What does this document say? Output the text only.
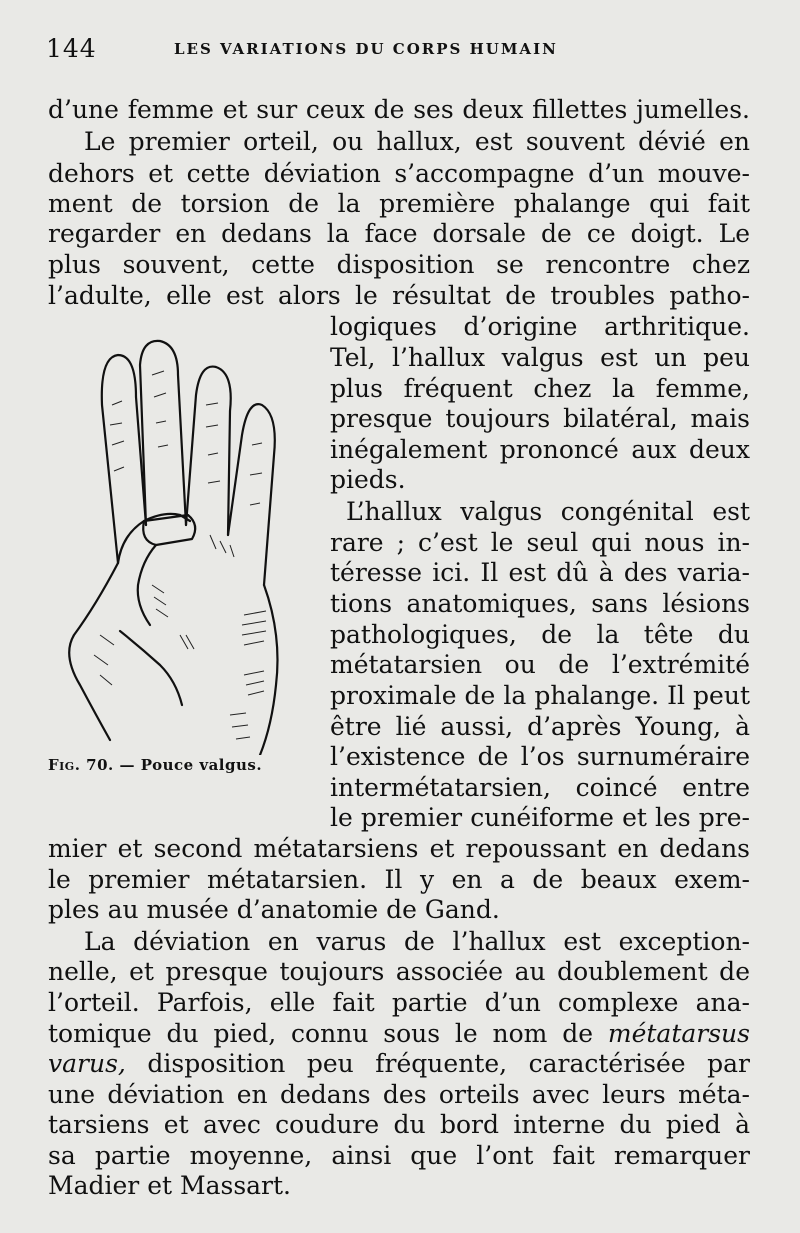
144	LES VARIATIONS DU CORPS HUMAIN
d’une femme et sur ceux de ses deux fillettes jumelles.
Le premier orteil, ou hallux, est souvent dévié en
dehors et cette déviation s’accompagne d’un mouve-
ment de torsion de la première phalange qui fait
regarder en dedans la face dorsale de ce doigt. Le
plus souvent, cette disposition se rencontre chez
l’adulte, elle est alors le résultat de troubles patho-
logiques d’origine arthritique.
Tel, l’hallux valgus est un peu
plus fréquent chez la femme,
presque toujours bilatéral, mais
inégalement prononcé aux deux
pieds.
L’hallux valgus congénital est
rare ; c’est le seul qui nous in-
téresse ici. Il est dû à des varia-
tions anatomiques, sans lésions
pathologiques, de la tête du
métatarsien ou de l’extrémité
proximale de la phalange. Il peut
être lié aussi, d’après Young, à
l’existence de l’os surnuméraire
intermétatarsien, coincé entre
le premier cunéiforme et les pre-
mier et second métatarsiens et repoussant en dedans
le premier métatarsien. Il y en a de beaux exem-
ples au musée d’anatomie de Gand.
La déviation en varus de l’hallux est exception-
nelle, et presque toujours associée au doublement de
l’orteil. Parfois, elle fait partie d’un complexe ana-
tomique du pied, connu sous le nom de métatarsus
varus, disposition peu fréquente, caractérisée par
une déviation en dedans des orteils avec leurs méta-
tarsiens et avec coudure du bord interne du pied à
sa partie moyenne, ainsi que l’ont fait remarquer
Madier et Massart.
Fig. 70. — Pouce valgus.
